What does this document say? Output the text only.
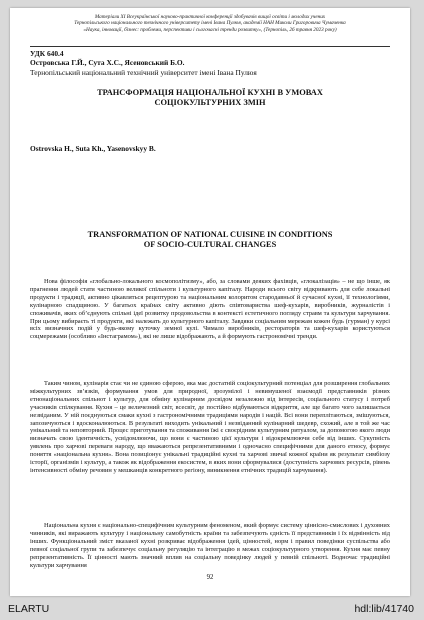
Матеріали XI Всеукраїнської науково-практичної конференції здобувачів вищої освіти і молодих учених
Тернопільського національного технічного університету імені Івана Пулюя, академії НАН Миколи Григоровича Чумаченка
«Наука, інновації, бізнес: проблеми, перспективи і сьогочасні тренди розвитку», (Тернопіль, 26 травня 2023 року)
УДК 640.4
Островська Г.Й., Сута Х.С., Ясеновський Б.О.
Тернопільський національний технічний університет імені Івана Пулюя
ТРАНСФОРМАЦІЯ НАЦІОНАЛЬНОЇ КУХНІ В УМОВАХ
СОЦІОКУЛЬТУРНИХ ЗМІН
Ostrovska H., Suta Kh., Yasenovskyy B.
TRANSFORMATION OF NATIONAL CUISINE IN CONDITIONS
OF SOCIO-CULTURAL CHANGES

Нова філософія «глобально-локального космополітизму», або, за словами деяких фахівців, «глокалізація» – не що інше, як прагнення людей стати частиною великої спільноти і культурного капіталу. Народи всього світу відкривають для себе локальні продукти і традиції, активно цікавляться рецептурою та національним колоритом стародавньої й сучасної кухні, її технологіями, кулінарною спадщиною. У багатьох країнах світу активно діють співтовариства шеф-кухарів, виробників, журналістів і споживачів, яких об’єднують спільні ідеї розвитку продовольства в контексті естетичного погляду стравм та культури харчування. При цьому вибираєть ті продукти, які належать до культурного капіталу. Завдяки соціальним мережам кожен будь (гурман) у курсі всіх визначних подій у будь-якому куточку земної кулі. Чимало виробників, рестораторів та шеф-кухарів користуються соцмережами (особливо «Інстаграмом»), які не лише відображають, а й формують гастрономічні тренди.

Таким чином, кулінарія стає чи не єдиною сферою, яка має достатній соціокультурний потенціал для розширення глобальних міжкультурних зв’язків, формування умов для природної, зрозумілої і невимушеної взаємодії представників різних етнонаціональних спільнот і культур, для обміну кулінарним досвідом незалежно від інтересів, соціального статусу і потреб учасників спілкування. Кухня – це величезний світ, всесвіт, де постійно відбуваються відкриття, але ще багато чого залишається незвіданим. У ній поєднуються смаки кухні з гастрономічними традиціями народів і націй. Всі вони переплітаються, змішуються, запозичуються і вдосконалюються. В результаті виходить унікальний і незвіданний кулінарний шедевр, схожий, але в той же час унікальний та неповторний. Процес приготування та споживання їжі є своєрідним культурним ритуалом, за допомогою якого люди визначать свою ідентичність, усвідомлюючи, що вони є частиною цієї культури і відокремлюючи себе від інших. Сукупність уявлень про харчові переваги народу, що вважаються репрезентативними і одночасно специфічними для даного етносу, формує поняття «національна кухня». Вона позиціонує унікальні традиційні кухні та харчові звичаї кожної країни як результат симбіозу історії, організмів і культур, а також як відображення екосистем, в яких вони сформувалися (доступність харчових ресурсів, рівень інтенсивності обміну речовин у мешканців конкретного регіону, виникнення етнічних традицій харчування).

Національна кухня є національно-специфічним культурним феноменом, який формує систему ціннісно-смислових і духовних чинників, які виражають культуру і національну самобутність країни та забезпечують єдність її представників і їх відмінність від інших. Функціональний зміст вказаної кухні розкриває відображення ідей, цінностей, норм і правил поведінки суспільства або певної соціальної групи та забезпечує соціальну регуляцію та інтеграцію в межах соціокультурного утворення. Кухня має певну репрезентативність. Її цінності мають значний вплив на соціальну поведінку людей у певній спільноті. Водночас традиційні культури харчування

92
ELARTU	hdl:lib/41740
